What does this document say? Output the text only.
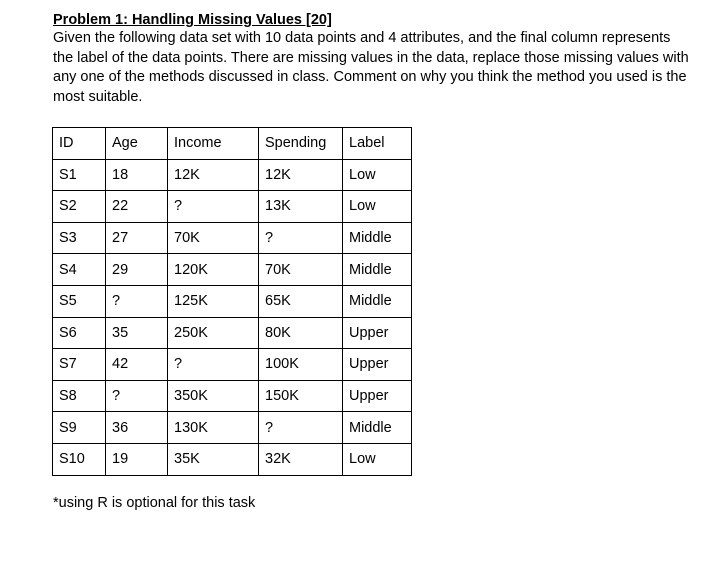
Problem 1: Handling Missing Values [20]

Given the following data set with 10 data points and 4 attributes, and the final column represents the label of the data points. There are missing values in the data, replace those missing values with any one of the methods discussed in class. Comment on why you think the method you used is the most suitable.

ID	Age	Income	Spending	Label
S1	18	12K	12K	Low
S2	22	?	13K	Low
S3	27	70K	?	Middle
S4	29	120K	70K	Middle
S5	?	125K	65K	Middle
S6	35	250K	80K	Upper
S7	42	?	100K	Upper
S8	?	350K	150K	Upper
S9	36	130K	?	Middle
S10	19	35K	32K	Low
*using R is optional for this task
